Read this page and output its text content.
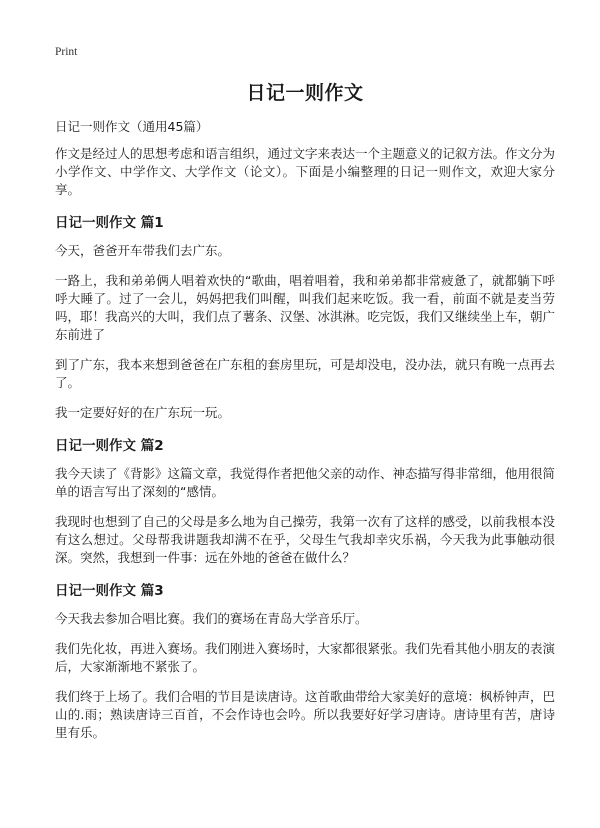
Print
日记一则作文
日记一则作文（通用45篇）

作文是经过人的思想考虑和语言组织，通过文字来表达一个主题意义的记叙方法。作文分为小学作文、中学作文、大学作文（论文）。下面是小编整理的日记一则作文，欢迎大家分享。

日记一则作文 篇1

今天，爸爸开车带我们去广东。

一路上，我和弟弟俩人唱着欢快的“歌曲，唱着唱着，我和弟弟都非常疲惫了，就都躺下呼呼大睡了。过了一会儿，妈妈把我们叫醒，叫我们起来吃饭。我一看，前面不就是麦当劳吗，耶！我高兴的大叫，我们点了薯条、汉堡、冰淇淋。吃完饭，我们又继续坐上车，朝广东前进了

到了广东，我本来想到爸爸在广东租的套房里玩，可是却没电，没办法，就只有晚一点再去了。

我一定要好好的在广东玩一玩。

日记一则作文 篇2

我今天读了《背影》这篇文章，我觉得作者把他父亲的动作、神态描写得非常细，他用很简单的语言写出了深刻的“感情。

我现时也想到了自己的父母是多么地为自己操劳，我第一次有了这样的感受，以前我根本没有这么想过。父母帮我讲题我却满不在乎，父母生气我却幸灾乐祸，今天我为此事触动很深。突然，我想到一件事：远在外地的爸爸在做什么？

日记一则作文 篇3

今天我去参加合唱比赛。我们的赛场在青岛大学音乐厅。

我们先化妆，再进入赛场。我们刚进入赛场时，大家都很紧张。我们先看其他小朋友的表演后，大家渐渐地不紧张了。

我们终于上场了。我们合唱的节目是读唐诗。这首歌曲带给大家美好的意境：枫桥钟声，巴山的.雨；熟读唐诗三百首，不会作诗也会吟。所以我要好好学习唐诗。唐诗里有苦，唐诗里有乐。
